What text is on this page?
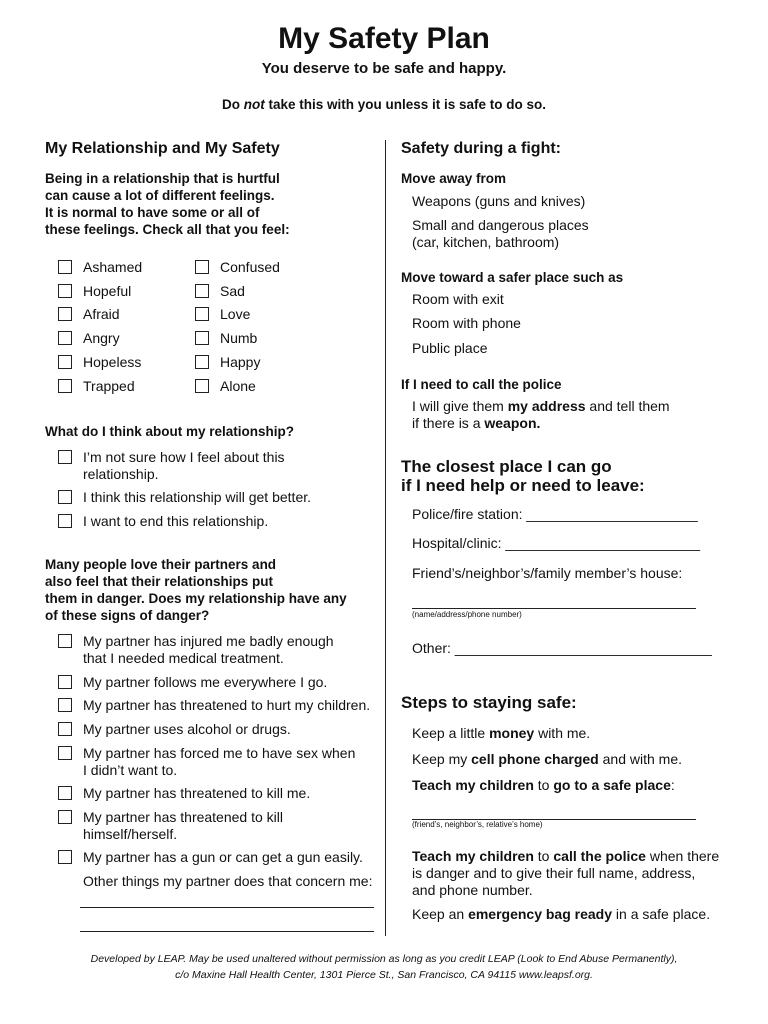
My Safety Plan
You deserve to be safe and happy.
Do not take this with you unless it is safe to do so.
My Relationship and My Safety
Being in a relationship that is hurtful
can cause a lot of different feelings.
It is normal to have some or all of
these feelings. Check all that you feel:
Ashamed
Hopeful
Afraid
Angry
Hopeless
Trapped
Confused
Sad
Love
Numb
Happy
Alone
What do I think about my relationship?
I’m not sure how I feel about this
relationship.
I think this relationship will get better.
I want to end this relationship.
Many people love their partners and
also feel that their relationships put
them in danger. Does my relationship have any
of these signs of danger?
My partner has injured me badly enough
that I needed medical treatment.
My partner follows me everywhere I go.
My partner has threatened to hurt my children.
My partner uses alcohol or drugs.
My partner has forced me to have sex when
I didn’t want to.
My partner has threatened to kill me.
My partner has threatened to kill
himself/herself.
My partner has a gun or can get a gun easily.
Other things my partner does that concern me:
Safety during a fight:
Move away from
Weapons (guns and knives)
Small and dangerous places
(car, kitchen, bathroom)
Move toward a safer place such as
Room with exit
Room with phone
Public place
If I need to call the police
I will give them my address and tell them
if there is a weapon.
The closest place I can go
if I need help or need to leave:
Police/fire station: ______________________
Hospital/clinic: _________________________
Friend’s/neighbor’s/family member’s house:
(name/address/phone number)
Other: _________________________________
Steps to staying safe:
Keep a little money with me.
Keep my cell phone charged and with me.
Teach my children to go to a safe place:
(friend’s, neighbor’s, relative’s home)
Teach my children to call the police when there
is danger and to give their full name, address,
and phone number.
Keep an emergency bag ready in a safe place.
Developed by LEAP. May be used unaltered without permission as long as you credit LEAP (Look to End Abuse Permanently),
c/o Maxine Hall Health Center, 1301 Pierce St., San Francisco, CA 94115 www.leapsf.org.
